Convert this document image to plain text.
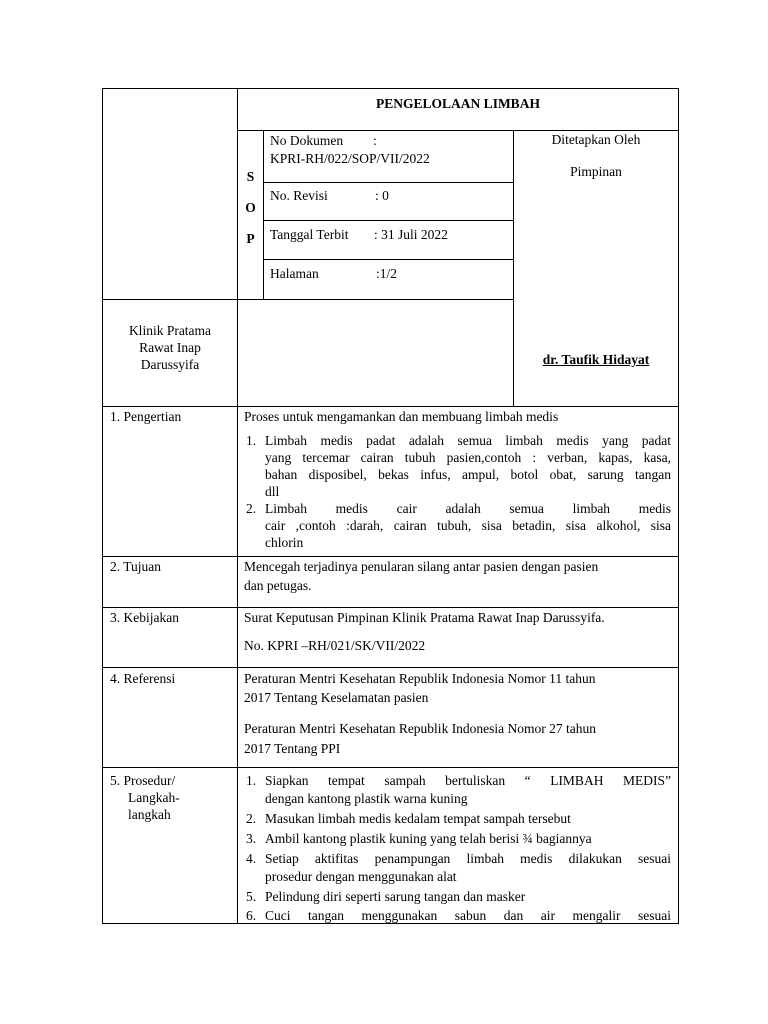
PENGELOLAAN LIMBAH
S
O
P
No Dokumen :
KPRI-RH/022/SOP/VII/2022
No. Revisi	: 0
Tanggal Terbit : 31 Juli 2022
Halaman	:1/2
Ditetapkan Oleh
Pimpinan
dr. Taufik Hidayat
Klinik Pratama
Rawat Inap
Darussyifa
1. Pengertian	Proses untuk mengamankan dan membuang limbah medis
1. Limbah medis padat adalah semua limbah medis yang padat
yang tercemar cairan tubuh pasien,contoh : verban, kapas, kasa,
bahan disposibel, bekas infus, ampul, botol obat, sarung tangan
dll
2. Limbah medis cair adalah semua limbah medis
cair ,contoh :darah, cairan tubuh, sisa betadin, sisa alkohol, sisa
chlorin
2. Tujuan	Mencegah terjadinya penularan silang antar pasien dengan pasien
dan petugas.
3. Kebijakan	Surat Keputusan Pimpinan Klinik Pratama Rawat Inap Darussyifa.
No. KPRI –RH/021/SK/VII/2022
4. Referensi	Peraturan Mentri Kesehatan Republik Indonesia Nomor 11 tahun
2017 Tentang Keselamatan pasien
Peraturan Mentri Kesehatan Republik Indonesia Nomor 27 tahun
2017 Tentang PPI
5. Prosedur/
Langkah-
langkah
1. Siapkan tempat sampah bertuliskan “ LIMBAH MEDIS”
dengan kantong plastik warna kuning
2. Masukan limbah medis kedalam tempat sampah tersebut
3. Ambil kantong plastik kuning yang telah berisi ¾ bagiannya
4. Setiap aktifitas penampungan limbah medis dilakukan sesuai
prosedur dengan menggunakan alat
5. Pelindung diri seperti sarung tangan dan masker
6. Cuci tangan menggunakan sabun dan air mengalir sesuai
